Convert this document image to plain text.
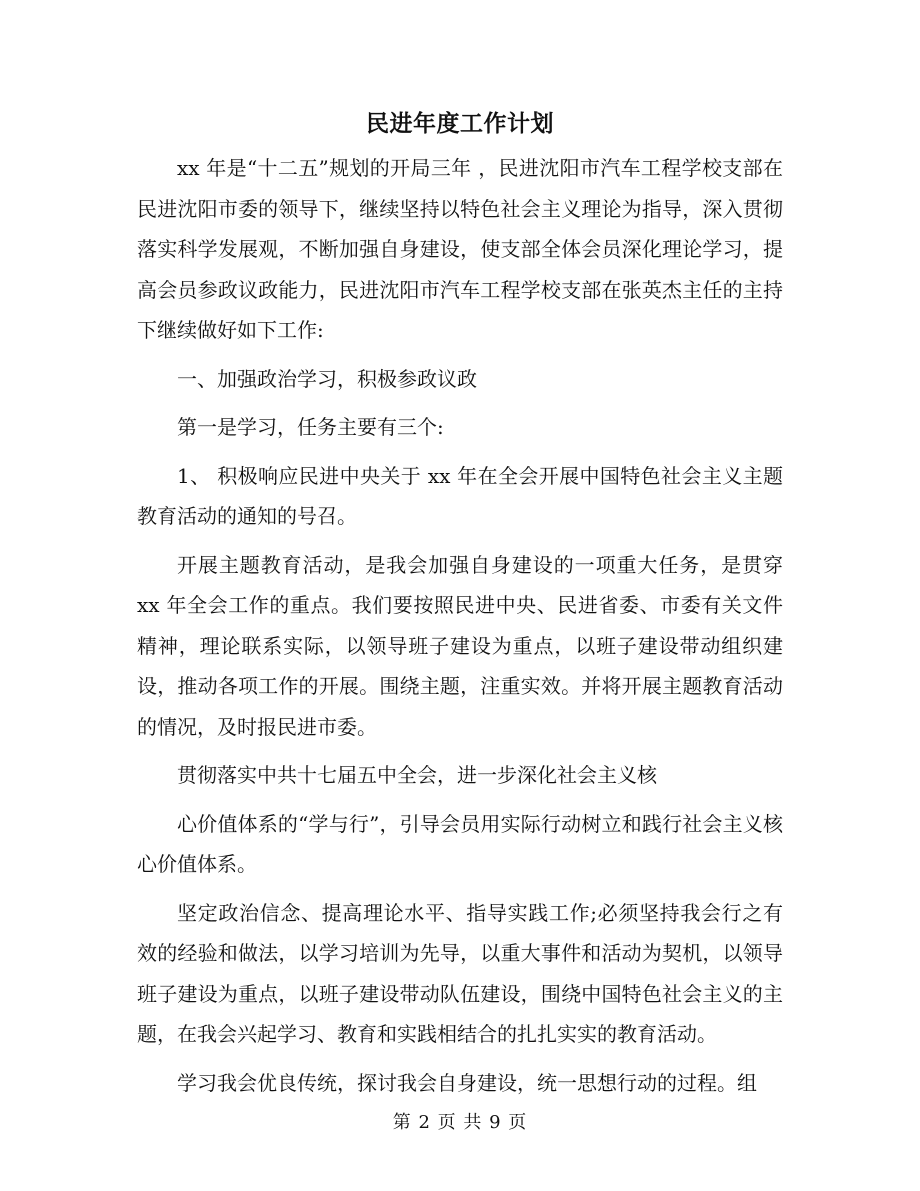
民进年度工作计划

xx 年是“十二五”规划的开局三年 ，民进沈阳市汽车工程学校支部在民进沈阳市委的领导下，继续坚持以特色社会主义理论为指导，深入贯彻落实科学发展观，不断加强自身建设，使支部全体会员深化理论学习，提高会员参政议政能力，民进沈阳市汽车工程学校支部在张英杰主任的主持下继续做好如下工作:

一、加强政治学习，积极参政议政

第一是学习，任务主要有三个:

1、 积极响应民进中央关于 xx 年在全会开展中国特色社会主义主题教育活动的通知的号召。

开展主题教育活动，是我会加强自身建设的一项重大任务，是贯穿 xx 年全会工作的重点。我们要按照民进中央、民进省委、市委有关文件精神，理论联系实际，以领导班子建设为重点，以班子建设带动组织建设，推动各项工作的开展。围绕主题，注重实效。并将开展主题教育活动的情况，及时报民进市委。

贯彻落实中共十七届五中全会，进一步深化社会主义核

心价值体系的“学与行”，引导会员用实际行动树立和践行社会主义核心价值体系。

坚定政治信念、提高理论水平、指导实践工作;必须坚持我会行之有效的经验和做法，以学习培训为先导，以重大事件和活动为契机，以领导班子建设为重点，以班子建设带动队伍建设，围绕中国特色社会主义的主题，在我会兴起学习、教育和实践相结合的扎扎实实的教育活动。

学习我会优良传统，探讨我会自身建设，统一思想行动的过程。组

第 2 页 共 9 页
